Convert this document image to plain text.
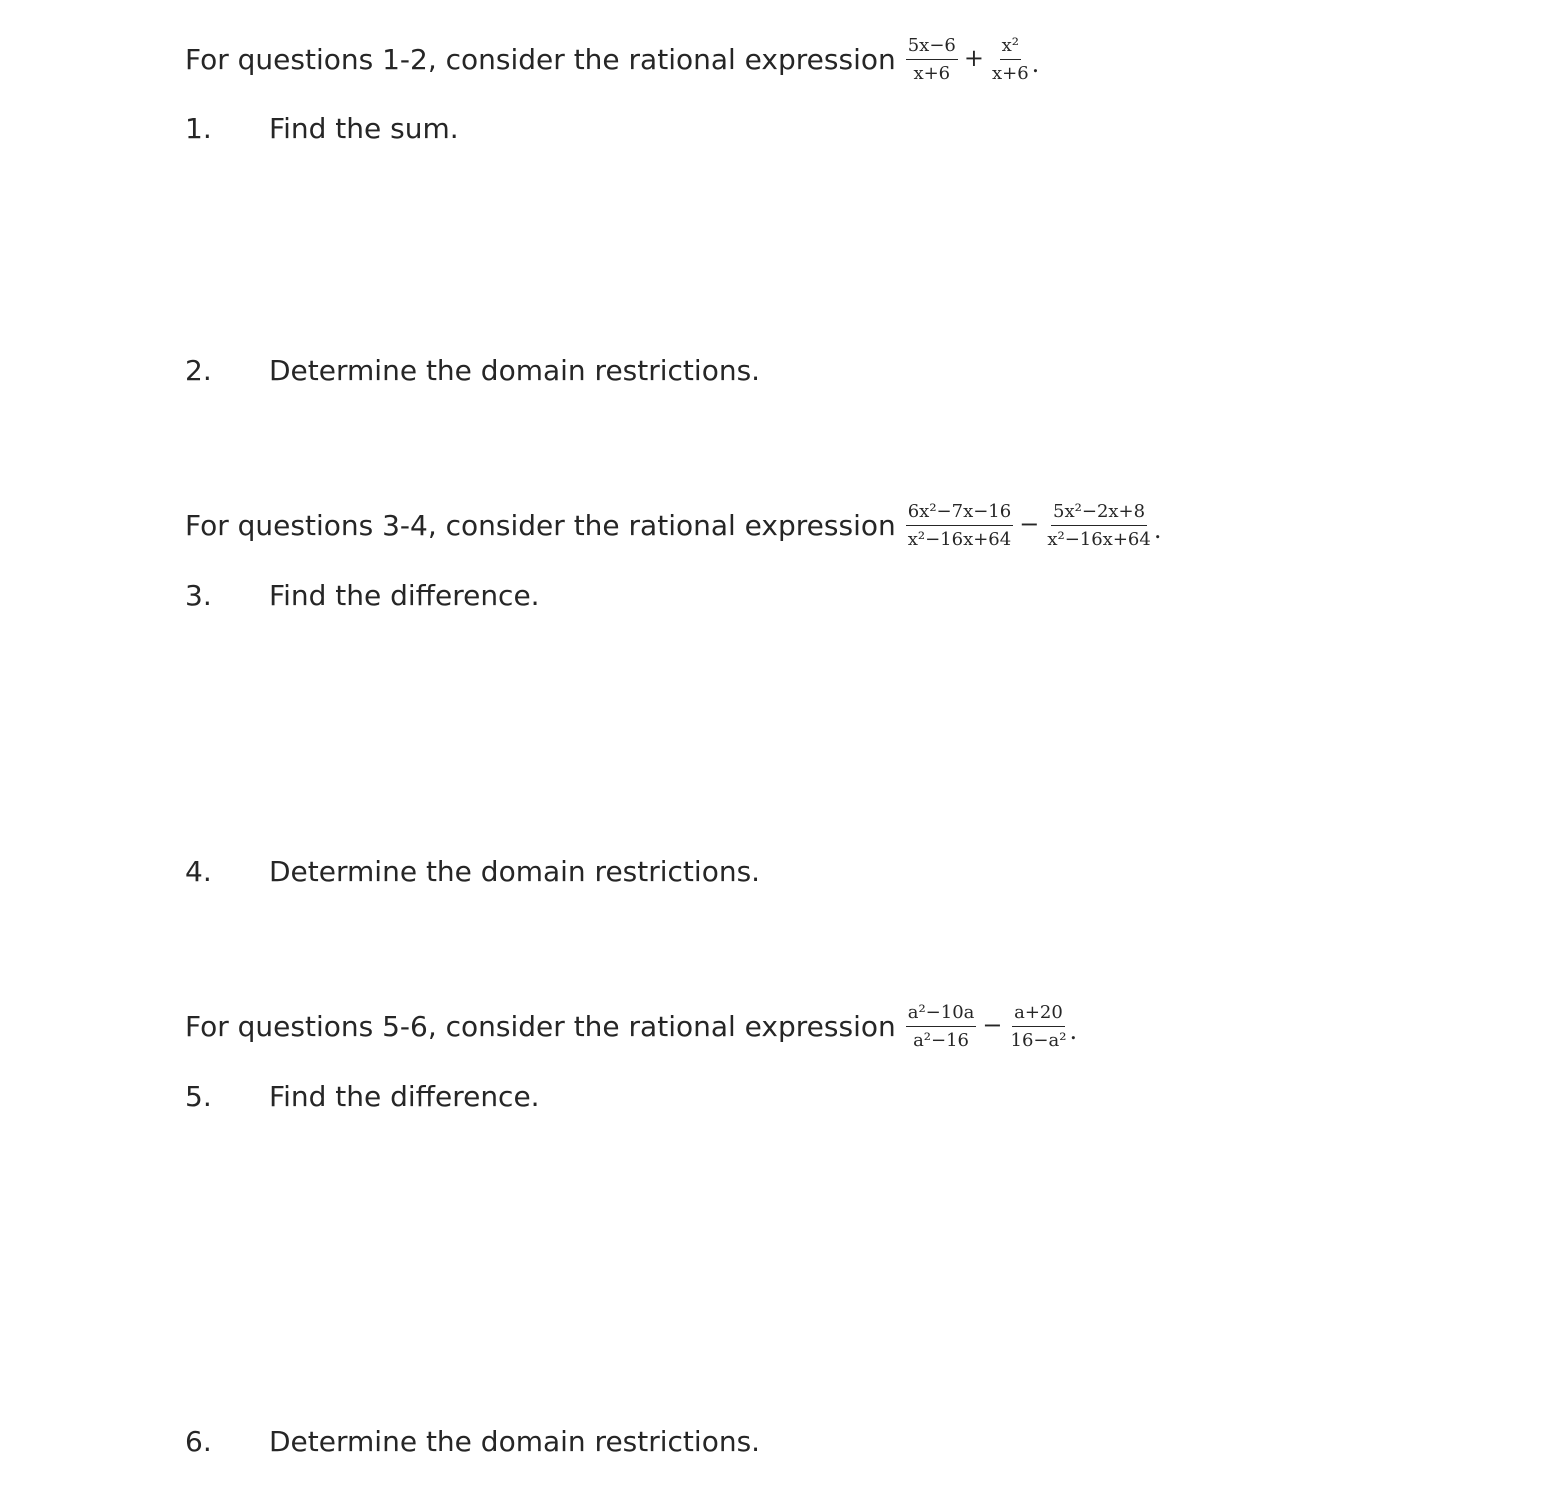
For questions 1-2, consider the rational expression $\frac{5x-6}{x+6} + \frac{\text{x²}}{x+6}$ .
1.	Find the sum.
2.	Determine the domain restrictions.
For questions 3-4, consider the rational expression $\frac{\text{6x²−7x−16}}{\text{x²−16x+64}} - \frac{\text{5x²−2x+8}}{\text{x²−16x+64}}$ .
3.	Find the difference.
4.	Determine the domain restrictions.
For questions 5-6, consider the rational expression $\frac{\text{a²−10a}}{\text{a²−16}} - \frac{a+20}{\text{16−a²}}$ .
5.	Find the difference.
6.	Determine the domain restrictions.
